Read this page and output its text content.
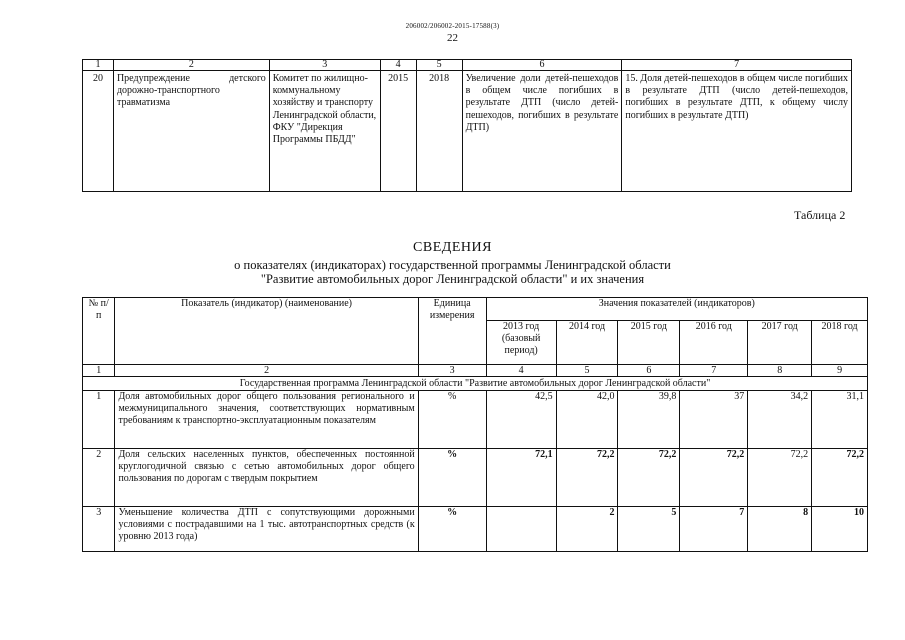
206002/206002-2015-17588(3)
22
1	2	3	4	5	6	7
20	Предупреждение детского дорожно-транспортного травматизма	Комитет по жилищно-коммунальному хозяйству и транспорту Ленинградской области, ФКУ "Дирекция Программы ПБДД"	2015	2018	Увеличение доли детей-пешеходов в общем числе погибших в результате ДТП (число детей-пешеходов, погибших в результате ДТП)	15. Доля детей-пешеходов в общем числе погибших в результате ДТП (число детей-пешеходов, погибших в результате ДТП, к общему числу погибших в результате ДТП)
Таблица 2
СВЕДЕНИЯ
о показателях (индикаторах) государственной программы Ленинградской области
"Развитие автомобильных дорог Ленинградской области" и их значения
№ п/п	Показатель (индикатор) (наименование)	Единица измерения	Значения показателей (индикаторов)					
			2013 год (базовый период)	2014 год	2015 год	2016 год	2017 год	2018 год
1	2	3	4	5	6	7	8	9
Государственная программа Ленинградской области "Развитие автомобильных дорог Ленинградской области"								
1	Доля автомобильных дорог общего пользования регионального и межмуниципального значения, соответствующих нормативным требованиям к транспортно-эксплуатационным показателям	%	42,5	42,0	39,8	37	34,2	31,1
2	Доля сельских населенных пунктов, обеспеченных постоянной круглогодичной связью с сетью автомобильных дорог общего пользования по дорогам с твердым покрытием	%	72,1	72,2	72,2	72,2	72,2	72,2
3	Уменьшение количества ДТП с сопутствующими дорожными условиями с пострадавшими на 1 тыс. автотранспортных средств (к уровню 2013 года)	%		2	5	7	8	10
